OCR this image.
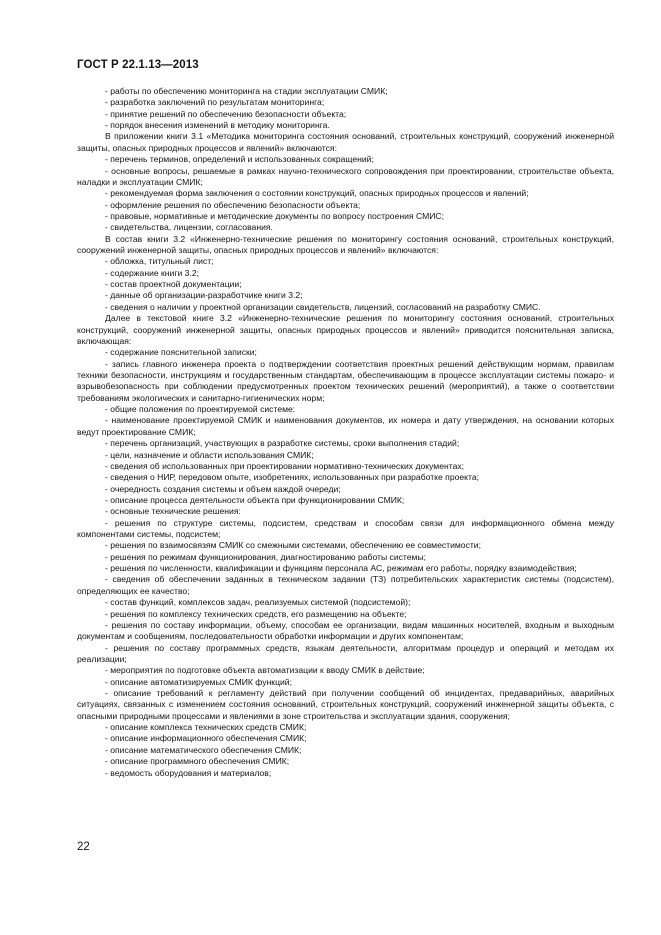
ГОСТ Р 22.1.13—2013

- работы по обеспечению мониторинга на стадии эксплуатации СМИК;

- разработка заключений по результатам мониторинга;

- принятие решений по обеспечению безопасности объекта;

- порядок внесения изменений в методику мониторинга.

В приложении книги 3.1 «Методика мониторинга состояния оснований, строительных конструкций, сооружений инженерной защиты, опасных природных процессов и явлений» включаются:

- перечень терминов, определений и использованных сокращений;

- основные вопросы, решаемые в рамках научно-технического сопровождения при проектировании, строительстве объекта, наладки и эксплуатации СМИК;

- рекомендуемая форма заключения о состоянии конструкций, опасных природных процессов и явлений;

- оформление решения по обеспечению безопасности объекта;

- правовые, нормативные и методические документы по вопросу построения СМИС;

- свидетельства, лицензии, согласования.

В состав книги 3.2 «Инженерно-технические решения по мониторингу состояния оснований, строительных конструкций, сооружений инженерной защиты, опасных природных процессов и явлений» включаются:

- обложка, титульный лист;

- содержание книги 3.2;

- состав проектной документации;

- данные об организации-разработчике книги 3.2;

- сведения о наличии у проектной организации свидетельств, лицензий, согласований на разработку СМИС.

Далее в текстовой книге 3.2 «Инженерно-технические решения по мониторингу состояния оснований, строительных конструкций, сооружений инженерной защиты, опасных природных процессов и явлений» приводится пояснительная записка, включающая:

- содержание пояснительной записки;

- запись главного инженера проекта о подтверждении соответствия проектных решений действующим нормам, правилам техники безопасности, инструкциям и государственным стандартам, обеспечивающим в процессе эксплуатации системы пожаро- и взрывобезопасность при соблюдении предусмотренных проектом технических решений (мероприятий), а также о соответствии требованиям экологических и санитарно-гигиенических норм;

- общие положения по проектируемой системе:

- наименование проектируемой СМИК и наименования документов, их номера и дату утверждения, на основании которых ведут проектирование СМИК;

- перечень организаций, участвующих в разработке системы, сроки выполнения стадий;

- цели, назначение и области использования СМИК;

- сведения об использованных при проектировании нормативно-технических документах;

- сведения о НИР, передовом опыте, изобретениях, использованных при разработке проекта;

- очередность создания системы и объем каждой очереди;

- описание процесса деятельности объекта при функционировании СМИК;

- основные технические решения:

- решения по структуре системы, подсистем, средствам и способам связи для информационного обмена между компонентами системы, подсистем;

- решения по взаимосвязям СМИК со смежными системами, обеспечению ее совместимости;

- решения по режимам функционирования, диагностированию работы системы;

- решения по численности, квалификации и функциям персонала АС, режимам его работы, порядку взаимодействия;

- сведения об обеспечении заданных в техническом задании (ТЗ) потребительских характеристик системы (подсистем), определяющих ее качество;

- состав функций, комплексов задач, реализуемых системой (подсистемой);

- решения по комплексу технических средств, его размещению на объекте;

- решения по составу информации, объему, способам ее организации, видам машинных носителей, входным и выходным документам и сообщениям, последовательности обработки информации и других компонентам;

- решения по составу программных средств, языкам деятельности, алгоритмам процедур и операций и методам их реализации;

- мероприятия по подготовке объекта автоматизации к вводу СМИК в действие;

- описание автоматизируемых СМИК функций;

- описание требований к регламенту действий при получении сообщений об инцидентах, предаварийных, аварийных ситуациях, связанных с изменением состояния оснований, строительных конструкций, сооружений инженерной защиты объекта, с опасными природными процессами и явлениями в зоне строительства и эксплуатации здания, сооружения;

- описание комплекса технических средств СМИК;

- описание информационного обеспечения СМИК;

- описание математического обеспечения СМИК;

- описание программного обеспечения СМИК;

- ведомость оборудования и материалов;

22
